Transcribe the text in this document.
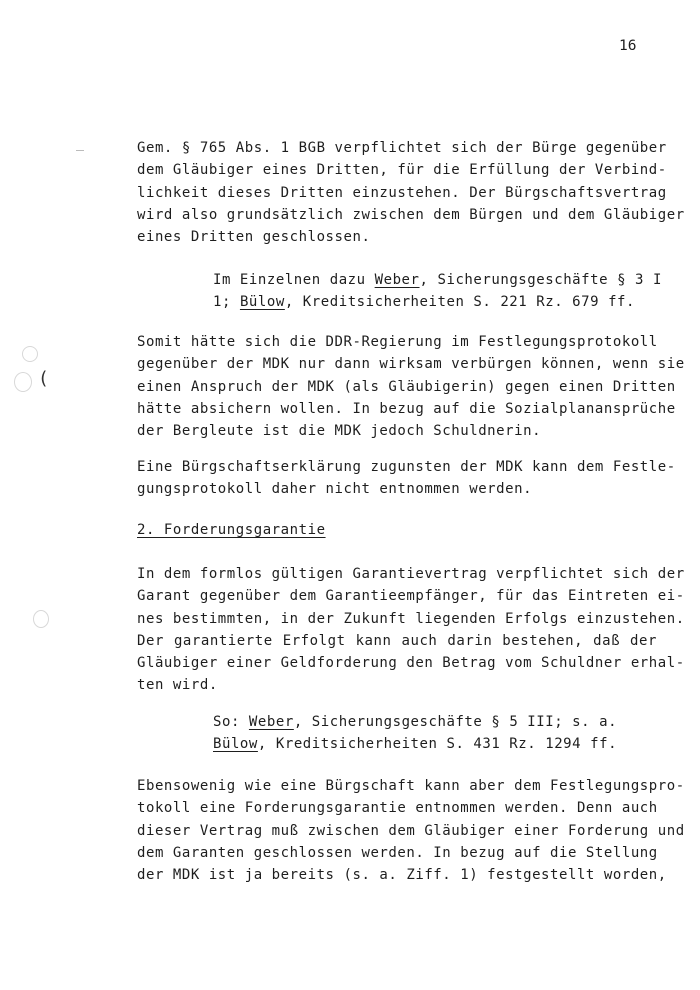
16
(

Gem. § 765 Abs. 1 BGB verpflichtet sich der Bürge gegenüber
dem Gläubiger eines Dritten, für die Erfüllung der Verbind-
lichkeit dieses Dritten einzustehen. Der Bürgschaftsvertrag
wird also grundsätzlich zwischen dem Bürgen und dem Gläubiger
eines Dritten geschlossen.

Im Einzelnen dazu Weber, Sicherungsgeschäfte § 3 I
1; Bülow, Kreditsicherheiten S. 221 Rz. 679 ff.

Somit hätte sich die DDR-Regierung im Festlegungsprotokoll
gegenüber der MDK nur dann wirksam verbürgen können, wenn sie
einen Anspruch der MDK (als Gläubigerin) gegen einen Dritten
hätte absichern wollen. In bezug auf die Sozialplanansprüche
der Bergleute ist die MDK jedoch Schuldnerin.

Eine Bürgschaftserklärung zugunsten der MDK kann dem Festle-
gungsprotokoll daher nicht entnommen werden.

2. Forderungsgarantie

In dem formlos gültigen Garantievertrag verpflichtet sich der
Garant gegenüber dem Garantieempfänger, für das Eintreten ei-
nes bestimmten, in der Zukunft liegenden Erfolgs einzustehen.
Der garantierte Erfolgt kann auch darin bestehen, daß der
Gläubiger einer Geldforderung den Betrag vom Schuldner erhal-
ten wird.

So: Weber, Sicherungsgeschäfte § 5 III; s. a.
Bülow, Kreditsicherheiten S. 431 Rz. 1294 ff.

Ebensowenig wie eine Bürgschaft kann aber dem Festlegungspro-
tokoll eine Forderungsgarantie entnommen werden. Denn auch
dieser Vertrag muß zwischen dem Gläubiger einer Forderung und
dem Garanten geschlossen werden. In bezug auf die Stellung
der MDK ist ja bereits (s. a. Ziff. 1) festgestellt worden,
